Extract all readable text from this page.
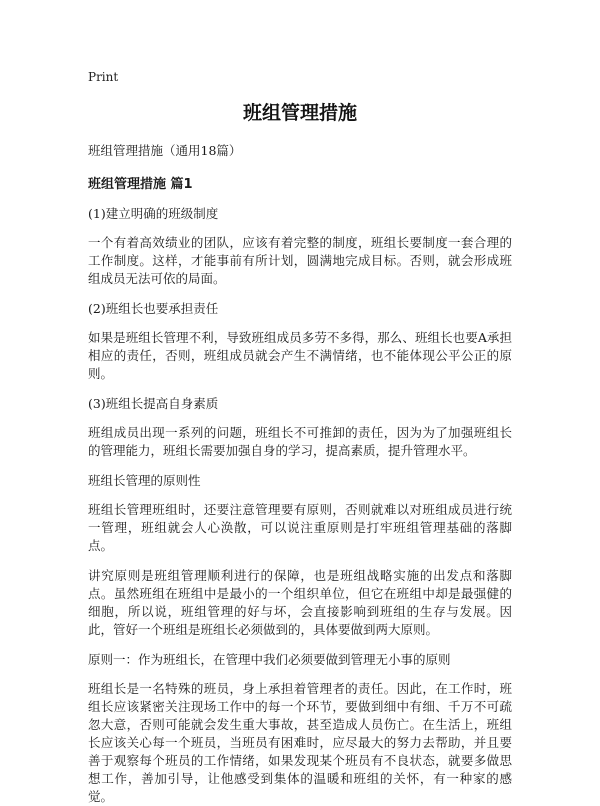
Print
班组管理措施
班组管理措施（通用18篇）
班组管理措施 篇1

(1)建立明确的班级制度

一个有着高效绩业的团队，应该有着完整的制度，班组长要制度一套合理的工作制度。这样，才能事前有所计划，圆满地完成目标。否则，就会形成班组成员无法可依的局面。

(2)班组长也要承担责任

如果是班组长管理不利，导致班组成员多劳不多得，那么、班组长也要A承担相应的责任，否则，班组成员就会产生不满情绪，也不能体现公平公正的原则。

(3)班组长提高自身素质

班组成员出现一系列的问题，班组长不可推卸的责任，因为为了加强班组长的管理能力，班组长需要加强自身的学习，提高素质，提升管理水平。

班组长管理的原则性

班组长管理班组时，还要注意管理要有原则，否则就难以对班组成员进行统一管理，班组就会人心涣散，可以说注重原则是打牢班组管理基础的落脚点。

讲究原则是班组管理顺利进行的保障，也是班组战略实施的出发点和落脚点。虽然班组在班组中是最小的一个组织单位，但它在班组中却是最强健的细胞，所以说，班组管理的好与坏，会直接影响到班组的生存与发展。因此，管好一个班组是班组长必须做到的，具体要做到两大原则。

原则一：作为班组长，在管理中我们必须要做到管理无小事的原则

班组长是一名特殊的班员，身上承担着管理者的责任。因此，在工作时，班组长应该紧密关注现场工作中的每一个环节，要做到细中有细、千万不可疏忽大意，否则可能就会发生重大事故，甚至造成人员伤亡。在生活上，班组长应该关心每一个班员，当班员有困难时，应尽最大的努力去帮助，并且要善于观察每个班员的工作情绪，如果发现某个班员有不良状态，就要多做思想工作，善加引导，让他感受到集体的温暖和班组的关怀，有一种家的感觉。
